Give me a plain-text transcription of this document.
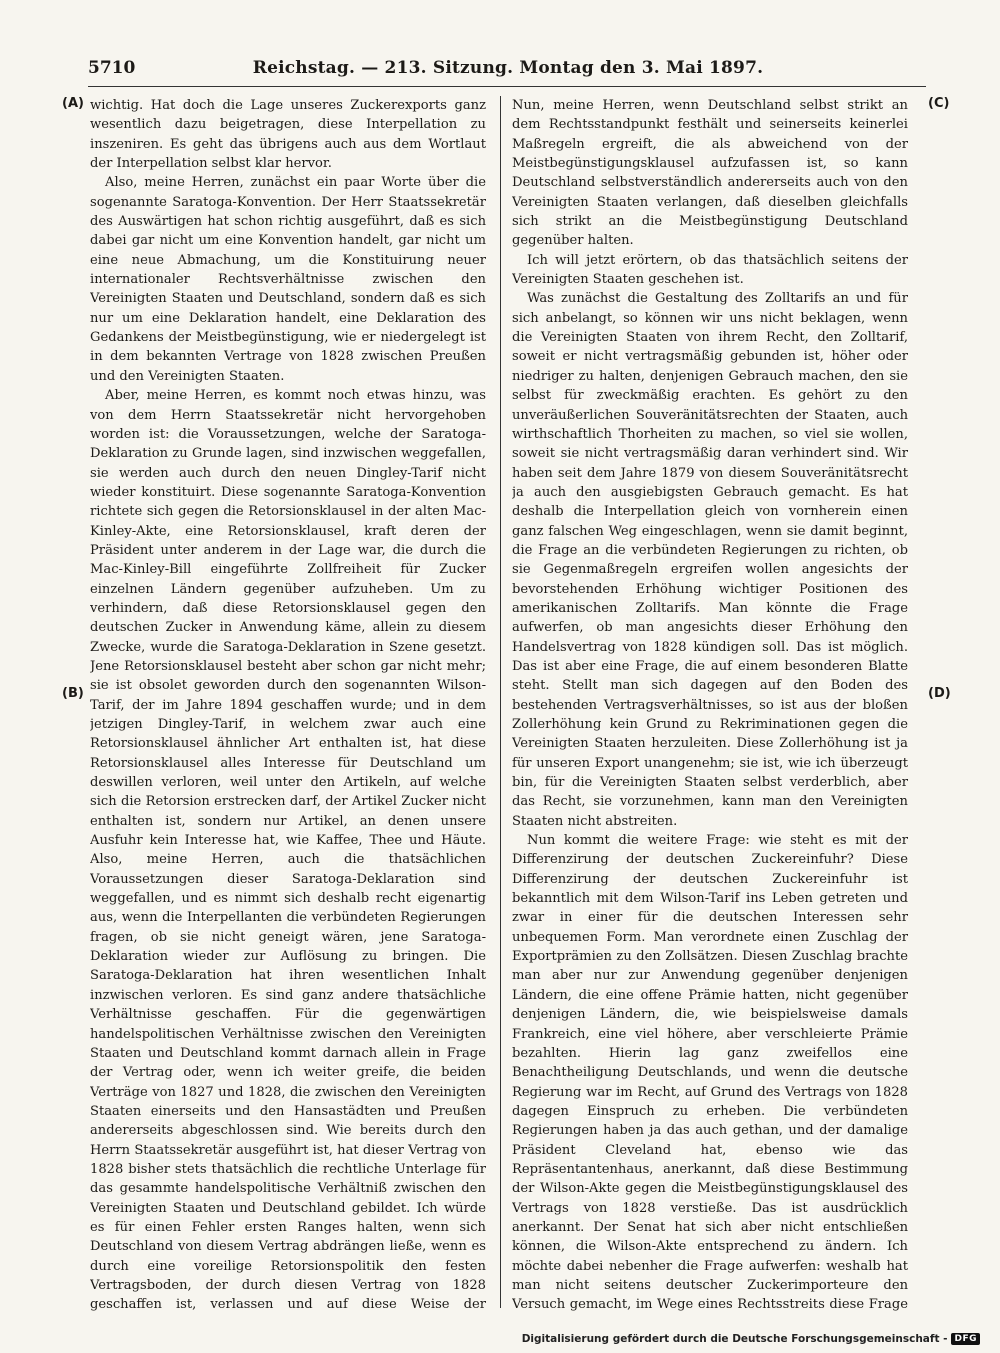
5710	Reichstag. — 213. Sitzung. Montag den 3. Mai 1897.
(A)
(B)
(C)
(D)

wichtig. Hat doch die Lage unseres Zuckerexports ganz wesentlich dazu beigetragen, diese Interpellation zu inszeniren. Es geht das übrigens auch aus dem Wortlaut der Interpellation selbst klar hervor.

Also, meine Herren, zunächst ein paar Worte über die sogenannte Saratoga-Konvention. Der Herr Staatssekretär des Auswärtigen hat schon richtig ausgeführt, daß es sich dabei gar nicht um eine Konvention handelt, gar nicht um eine neue Abmachung, um die Konstituirung neuer internationaler Rechtsverhältnisse zwischen den Vereinigten Staaten und Deutschland, sondern daß es sich nur um eine Deklaration handelt, eine Deklaration des Gedankens der Meistbegünstigung, wie er niedergelegt ist in dem bekannten Vertrage von 1828 zwischen Preußen und den Vereinigten Staaten.

Aber, meine Herren, es kommt noch etwas hinzu, was von dem Herrn Staatssekretär nicht hervorgehoben worden ist: die Voraussetzungen, welche der Saratoga-Deklaration zu Grunde lagen, sind inzwischen weggefallen, sie werden auch durch den neuen Dingley-Tarif nicht wieder konstituirt. Diese sogenannte Saratoga-Konvention richtete sich gegen die Retorsionsklausel in der alten Mac-Kinley-Akte, eine Retorsionsklausel, kraft deren der Präsident unter anderem in der Lage war, die durch die Mac-Kinley-Bill eingeführte Zollfreiheit für Zucker einzelnen Ländern gegenüber aufzuheben. Um zu verhindern, daß diese Retorsionsklausel gegen den deutschen Zucker in Anwendung käme, allein zu diesem Zwecke, wurde die Saratoga-Deklaration in Szene gesetzt. Jene Retorsionsklausel besteht aber schon gar nicht mehr; sie ist obsolet geworden durch den sogenannten Wilson-Tarif, der im Jahre 1894 geschaffen wurde; und in dem jetzigen Dingley-Tarif, in welchem zwar auch eine Retorsionsklausel ähnlicher Art enthalten ist, hat diese Retorsionsklausel alles Interesse für Deutschland um deswillen verloren, weil unter den Artikeln, auf welche sich die Retorsion erstrecken darf, der Artikel Zucker nicht enthalten ist, sondern nur Artikel, an denen unsere Ausfuhr kein Interesse hat, wie Kaffee, Thee und Häute. Also, meine Herren, auch die thatsächlichen Voraussetzungen dieser Saratoga-Deklaration sind weggefallen, und es nimmt sich deshalb recht eigenartig aus, wenn die Interpellanten die verbündeten Regierungen fragen, ob sie nicht geneigt wären, jene Saratoga-Deklaration wieder zur Auflösung zu bringen. Die Saratoga-Deklaration hat ihren wesentlichen Inhalt inzwischen verloren. Es sind ganz andere thatsächliche Verhältnisse geschaffen. Für die gegenwärtigen handelspolitischen Verhältnisse zwischen den Vereinigten Staaten und Deutschland kommt darnach allein in Frage der Vertrag oder, wenn ich weiter greife, die beiden Verträge von 1827 und 1828, die zwischen den Vereinigten Staaten einerseits und den Hansastädten und Preußen andererseits abgeschlossen sind. Wie bereits durch den Herrn Staatssekretär ausgeführt ist, hat dieser Vertrag von 1828 bisher stets thatsächlich die rechtliche Unterlage für das gesammte handelspolitische Verhältniß zwischen den Vereinigten Staaten und Deutschland gebildet. Ich würde es für einen Fehler ersten Ranges halten, wenn sich Deutschland von diesem Vertrag abdrängen ließe, wenn es durch eine voreilige Retorsionspolitik den festen Vertragsboden, der durch diesen Vertrag von 1828 geschaffen ist, verlassen und auf diese Weise der

Nun, meine Herren, wenn Deutschland selbst strikt an dem Rechtsstandpunkt festhält und seinerseits keinerlei Maßregeln ergreift, die als abweichend von der Meistbegünstigungsklausel aufzufassen ist, so kann Deutschland selbstverständlich andererseits auch von den Vereinigten Staaten verlangen, daß dieselben gleichfalls sich strikt an die Meistbegünstigung Deutschland gegenüber halten.

Ich will jetzt erörtern, ob das thatsächlich seitens der Vereinigten Staaten geschehen ist.

Was zunächst die Gestaltung des Zolltarifs an und für sich anbelangt, so können wir uns nicht beklagen, wenn die Vereinigten Staaten von ihrem Recht, den Zolltarif, soweit er nicht vertragsmäßig gebunden ist, höher oder niedriger zu halten, denjenigen Gebrauch machen, den sie selbst für zweckmäßig erachten. Es gehört zu den unveräußerlichen Souveränitätsrechten der Staaten, auch wirthschaftlich Thorheiten zu machen, so viel sie wollen, soweit sie nicht vertragsmäßig daran verhindert sind. Wir haben seit dem Jahre 1879 von diesem Souveränitätsrecht ja auch den ausgiebigsten Gebrauch gemacht. Es hat deshalb die Interpellation gleich von vornherein einen ganz falschen Weg eingeschlagen, wenn sie damit beginnt, die Frage an die verbündeten Regierungen zu richten, ob sie Gegenmaßregeln ergreifen wollen angesichts der bevorstehenden Erhöhung wichtiger Positionen des amerikanischen Zolltarifs. Man könnte die Frage aufwerfen, ob man angesichts dieser Erhöhung den Handelsvertrag von 1828 kündigen soll. Das ist möglich. Das ist aber eine Frage, die auf einem besonderen Blatte steht. Stellt man sich dagegen auf den Boden des bestehenden Vertragsverhältnisses, so ist aus der bloßen Zollerhöhung kein Grund zu Rekriminationen gegen die Vereinigten Staaten herzuleiten. Diese Zollerhöhung ist ja für unseren Export unangenehm; sie ist, wie ich überzeugt bin, für die Vereinigten Staaten selbst verderblich, aber das Recht, sie vorzunehmen, kann man den Vereinigten Staaten nicht abstreiten.

Nun kommt die weitere Frage: wie steht es mit der Differenzirung der deutschen Zuckereinfuhr? Diese Differenzirung der deutschen Zuckereinfuhr ist bekanntlich mit dem Wilson-Tarif ins Leben getreten und zwar in einer für die deutschen Interessen sehr unbequemen Form. Man verordnete einen Zuschlag der Exportprämien zu den Zollsätzen. Diesen Zuschlag brachte man aber nur zur Anwendung gegenüber denjenigen Ländern, die eine offene Prämie hatten, nicht gegenüber denjenigen Ländern, die, wie beispielsweise damals Frankreich, eine viel höhere, aber verschleierte Prämie bezahlten. Hierin lag ganz zweifellos eine Benachtheiligung Deutschlands, und wenn die deutsche Regierung war im Recht, auf Grund des Vertrags von 1828 dagegen Einspruch zu erheben. Die verbündeten Regierungen haben ja das auch gethan, und der damalige Präsident Cleveland hat, ebenso wie das Repräsentantenhaus, anerkannt, daß diese Bestimmung der Wilson-Akte gegen die Meistbegünstigungsklausel des Vertrags von 1828 verstieße. Das ist ausdrücklich anerkannt. Der Senat hat sich aber nicht entschließen können, die Wilson-Akte entsprechend zu ändern. Ich möchte dabei nebenher die Frage aufwerfen: weshalb hat man nicht seitens deutscher Zuckerimporteure den Versuch gemacht, im Wege eines Rechtsstreits diese Frage

Digitalisierung gefördert durch die Deutsche Forschungsgemeinschaft - DFG
